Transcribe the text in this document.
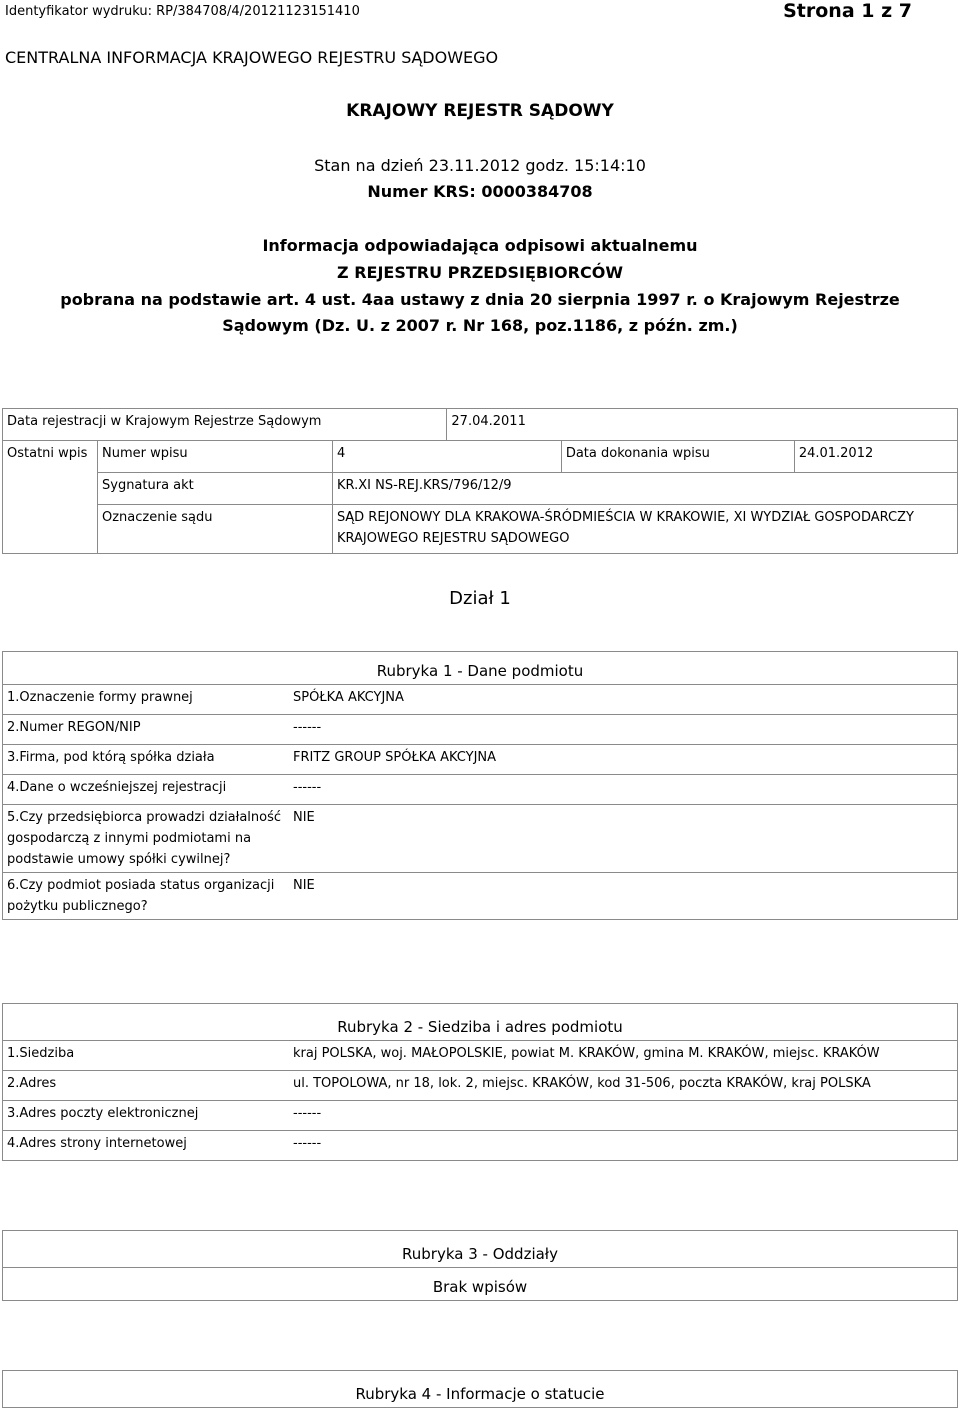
Identyfikator wydruku: RP/384708/4/20121123151410	Strona 1 z 7
CENTRALNA INFORMACJA KRAJOWEGO REJESTRU SĄDOWEGO
KRAJOWY REJESTR SĄDOWY
Stan na dzień 23.11.2012 godz. 15:14:10
Numer KRS: 0000384708
Informacja odpowiadająca odpisowi aktualnemu
Z REJESTRU PRZEDSIĘBIORCÓW
pobrana na podstawie art. 4 ust. 4aa ustawy z dnia 20 sierpnia 1997 r. o Krajowym Rejestrze
Sądowym (Dz. U. z 2007 r. Nr 168, poz.1186, z późn. zm.)
Data rejestracji w Krajowym Rejestrze Sądowym			27.04.2011		
Ostatni wpis	Numer wpisu	4		Data dokonania wpisu	24.01.2012
	Sygnatura akt	KR.XI NS-REJ.KRS/796/12/9			
	Oznaczenie sądu	SĄD REJONOWY DLA KRAKOWA-ŚRÓDMIEŚCIA W KRAKOWIE, XI WYDZIAŁ GOSPODARCZY KRAJOWEGO REJESTRU SĄDOWEGO			
Dział 1
Rubryka 1 - Dane podmiotu	
1.Oznaczenie formy prawnej	SPÓŁKA AKCYJNA
2.Numer REGON/NIP	------
3.Firma, pod którą spółka działa	FRITZ GROUP SPÓŁKA AKCYJNA
4.Dane o wcześniejszej rejestracji	------
5.Czy przedsiębiorca prowadzi działalność gospodarczą z innymi podmiotami na podstawie umowy spółki cywilnej?	NIE
6.Czy podmiot posiada status organizacji pożytku publicznego?	NIE
Rubryka 2 - Siedziba i adres podmiotu	
1.Siedziba	kraj POLSKA, woj. MAŁOPOLSKIE, powiat M. KRAKÓW, gmina M. KRAKÓW, miejsc. KRAKÓW
2.Adres	ul. TOPOLOWA, nr 18, lok. 2, miejsc. KRAKÓW, kod 31-506, poczta KRAKÓW, kraj POLSKA
3.Adres poczty elektronicznej	------
4.Adres strony internetowej	------
Rubryka 3 - Oddziały
Brak wpisów
Rubryka 4 - Informacje o statucie
